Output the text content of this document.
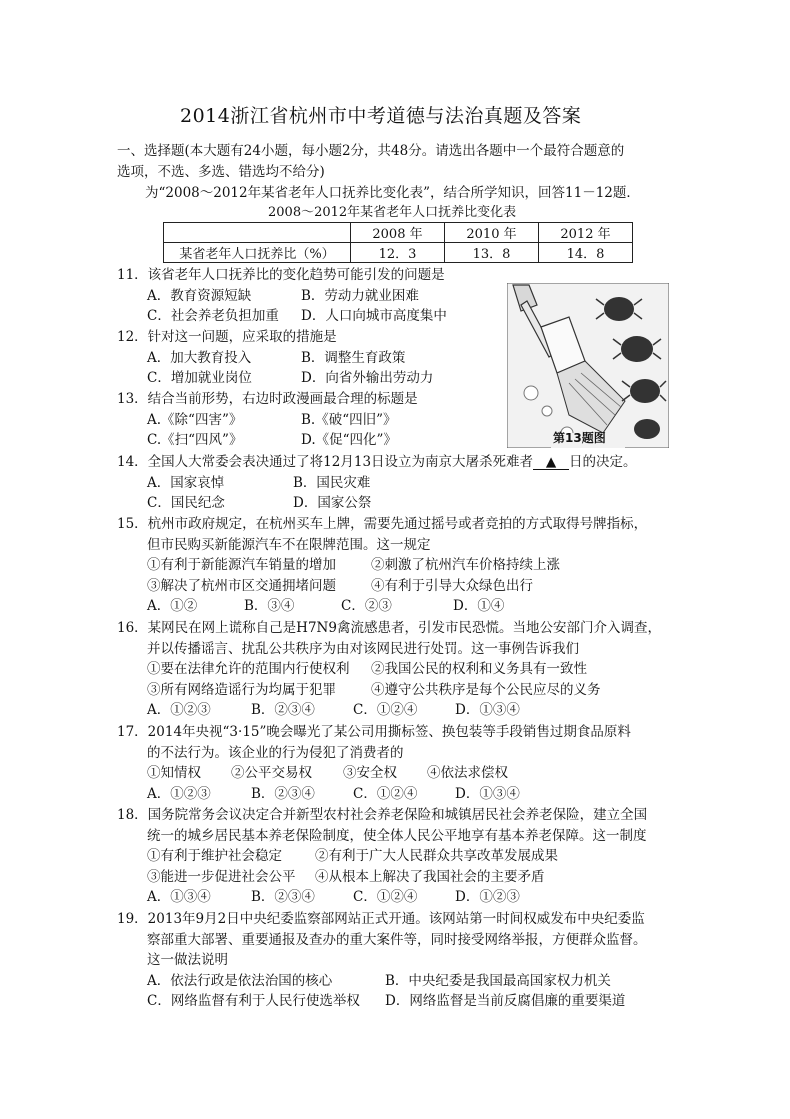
2014浙江省杭州市中考道德与法治真题及答案
一、选择题(本大题有24小题，每小题2分，共48分。请选出各题中一个最符合题意的
选项，不选、多选、错选均不给分)
为“2008～2012年某省老年人口抚养比变化表”，结合所学知识，回答11－12题．
2008～2012年某省老年人口抚养比变化表
	2008 年	2010 年	2012 年
某省老年人口抚养比（%）	12．3	13．8	14．8
第13题图
11．该省老年人口抚养比的变化趋势可能引发的问题是
A．教育资源短缺	B．劳动力就业困难
C．社会养老负担加重 D．人口向城市高度集中
12．针对这一问题，应采取的措施是
A．加大教育投入	B．调整生育政策
C．增加就业岗位	D．向省外输出劳动力
13．结合当前形势，右边时政漫画最合理的标题是
A.《除“四害”》	B.《破“四旧”》
C.《扫“四风”》	D.《促“四化”》
14．全国人大常委会表决通过了将12月13日设立为南京大屠杀死难者 ▲ 日的决定。
A．国家哀悼	B．国民灾难
C．国民纪念	D．国家公祭
15．杭州市政府规定，在杭州买车上牌，需要先通过摇号或者竞拍的方式取得号牌指标，
但市民购买新能源汽车不在限牌范围。这一规定
①有利于新能源汽车销量的增加	②刺激了杭州汽车价格持续上涨
③解决了杭州市区交通拥堵问题	④有利于引导大众绿色出行
A．①②	B．③④	C．②③	D．①④
16．某网民在网上谎称自己是H7N9禽流感患者，引发市民恐慌。当地公安部门介入调查，
并以传播谣言、扰乱公共秩序为由对该网民进行处罚。这一事例告诉我们
①要在法律允许的范围内行使权利 ②我国公民的权利和义务具有一致性
③所有网络造谣行为均属于犯罪	④遵守公共秩序是每个公民应尽的义务
A．①②③	B．②③④	C．①②④	D．①③④
17．2014年央视“3·15”晚会曝光了某公司用撕标签、换包装等手段销售过期食品原料
的不法行为。该企业的行为侵犯了消费者的
①知情权 ②公平交易权 ③安全权 ④依法求偿权
A．①②③	B．②③④	C．①②④	D．①③④
18．国务院常务会议决定合并新型农村社会养老保险和城镇居民社会养老保险，建立全国
统一的城乡居民基本养老保险制度，使全体人民公平地享有基本养老保障。这一制度
①有利于维护社会稳定 ②有利于广大人民群众共享改革发展成果
③能进一步促进社会公平 ④从根本上解决了我国社会的主要矛盾
A．①③④	B．②③④	C．①②④	D．①②③
19．2013年9月2日中央纪委监察部网站正式开通。该网站第一时间权威发布中央纪委监
察部重大部署、重要通报及查办的重大案件等，同时接受网络举报，方便群众监督。
这一做法说明
A．依法行政是依法治国的核心	B．中央纪委是我国最高国家权力机关
C．网络监督有利于人民行使选举权 D．网络监督是当前反腐倡廉的重要渠道
